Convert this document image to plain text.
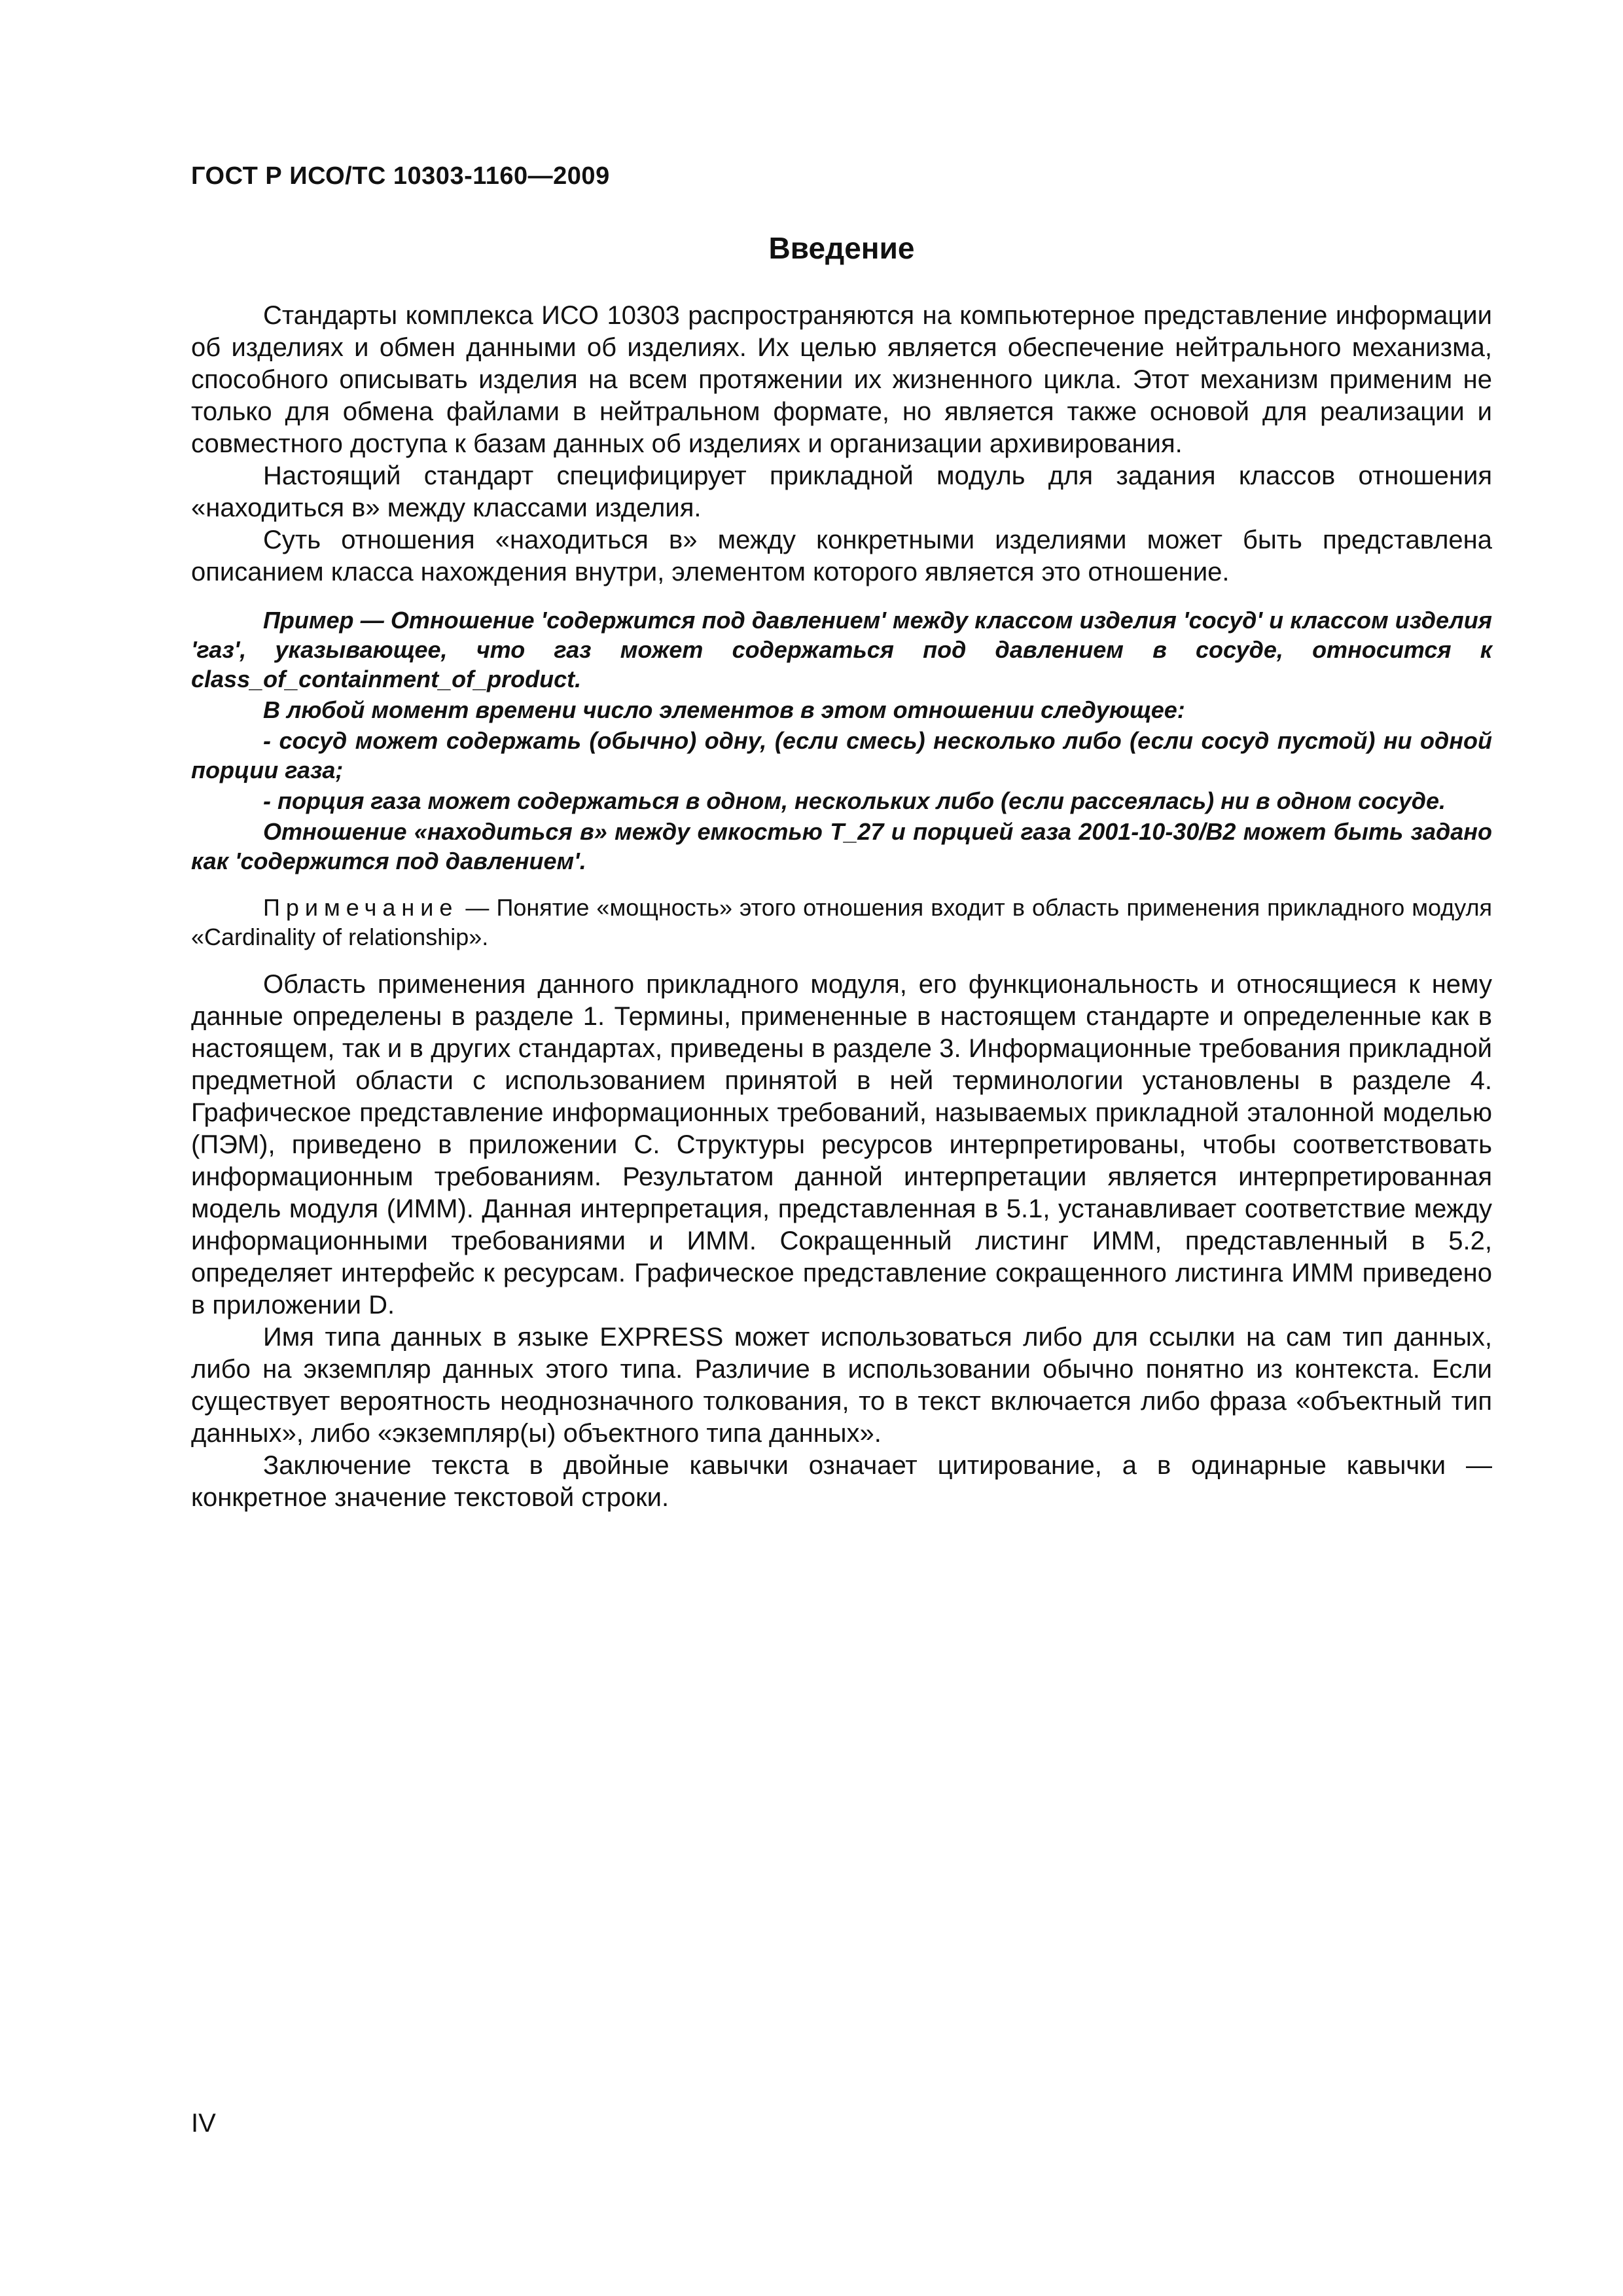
ГОСТ Р ИСО/ТС 10303-1160—2009
Введение

Стандарты комплекса ИСО 10303 распространяются на компьютерное представление информации об изделиях и обмен данными об изделиях. Их целью является обеспечение нейтрального механизма, способного описывать изделия на всем протяжении их жизненного цикла. Этот механизм применим не только для обмена файлами в нейтральном формате, но является также основой для реализации и совместного доступа к базам данных об изделиях и организации архивирования.

Настоящий стандарт специфицирует прикладной модуль для задания классов отношения «находиться в» между классами изделия.

Суть отношения «находиться в» между конкретными изделиями может быть представлена описанием класса нахождения внутри, элементом которого является это отношение.

Пример — Отношение 'содержится под давлением' между классом изделия 'сосуд' и классом изделия 'газ', указывающее, что газ может содержаться под давлением в сосуде, относится к class_of_containment_of_product.

В любой момент времени число элементов в этом отношении следующее:

- сосуд может содержать (обычно) одну, (если смесь) несколько либо (если сосуд пустой) ни одной порции газа;

- порция газа может содержаться в одном, нескольких либо (если рассеялась) ни в одном сосуде.

Отношение «находиться в» между емкостью T_27 и порцией газа 2001-10-30/B2 может быть задано как 'содержится под давлением'.

Примечание — Понятие «мощность» этого отношения входит в область применения прикладного модуля «Cardinality of relationship».

Область применения данного прикладного модуля, его функциональность и относящиеся к нему данные определены в разделе 1. Термины, примененные в настоящем стандарте и определенные как в настоящем, так и в других стандартах, приведены в разделе 3. Информационные требования прикладной предметной области с использованием принятой в ней терминологии установлены в разделе 4. Графическое представление информационных требований, называемых прикладной эталонной моделью (ПЭМ), приведено в приложении C. Структуры ресурсов интерпретированы, чтобы соответствовать информационным требованиям. Результатом данной интерпретации является интерпретированная модель модуля (ИММ). Данная интерпретация, представленная в 5.1, устанавливает соответствие между информационными требованиями и ИММ. Сокращенный листинг ИММ, представленный в 5.2, определяет интерфейс к ресурсам. Графическое представление сокращенного листинга ИММ приведено в приложении D.

Имя типа данных в языке EXPRESS может использоваться либо для ссылки на сам тип данных, либо на экземпляр данных этого типа. Различие в использовании обычно понятно из контекста. Если существует вероятность неоднозначного толкования, то в текст включается либо фраза «объектный тип данных», либо «экземпляр(ы) объектного типа данных».

Заключение текста в двойные кавычки означает цитирование, а в одинарные кавычки — конкретное значение текстовой строки.

IV
